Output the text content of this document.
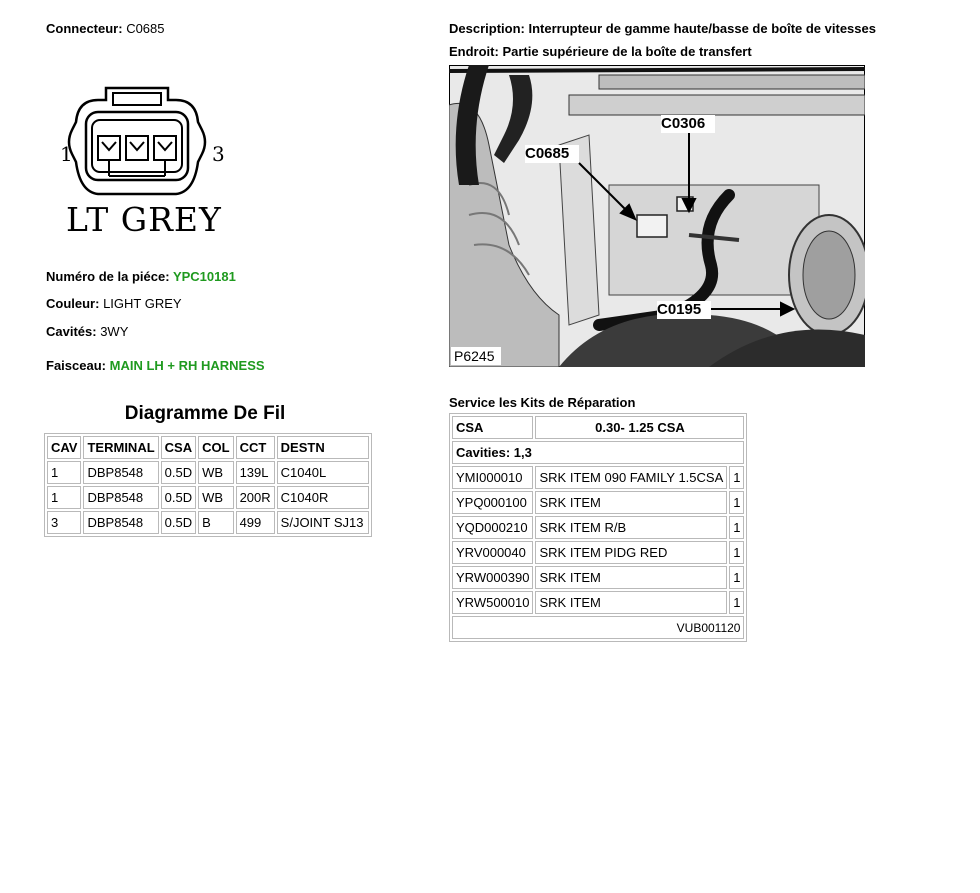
Connecteur: C0685
1	3
LT GREY
Numéro de la piéce: YPC10181
Couleur: LIGHT GREY
Cavités: 3WY
Faisceau: MAIN LH + RH HARNESS
Diagramme De Fil
CAV	TERMINAL	CSA	COL	CCT	DESTN
1	DBP8548	0.5D	WB	139L	C1040L
1	DBP8548	0.5D	WB	200R	C1040R
3	DBP8548	0.5D	B	499	S/JOINT SJ13
Description: Interrupteur de gamme haute/basse de boîte de vitesses
Endroit: Partie supérieure de la boîte de transfert
C0685
C0306
C0195
P6245
Service les Kits de Réparation
CSA	0.30- 1.25 CSA	
Cavities: 1,3		
YMI000010	SRK ITEM 090 FAMILY 1.5CSA	1
YPQ000100	SRK ITEM	1
YQD000210	SRK ITEM R/B	1
YRV000040	SRK ITEM PIDG RED	1
YRW000390	SRK ITEM	1
YRW500010	SRK ITEM	1
VUB001120		
